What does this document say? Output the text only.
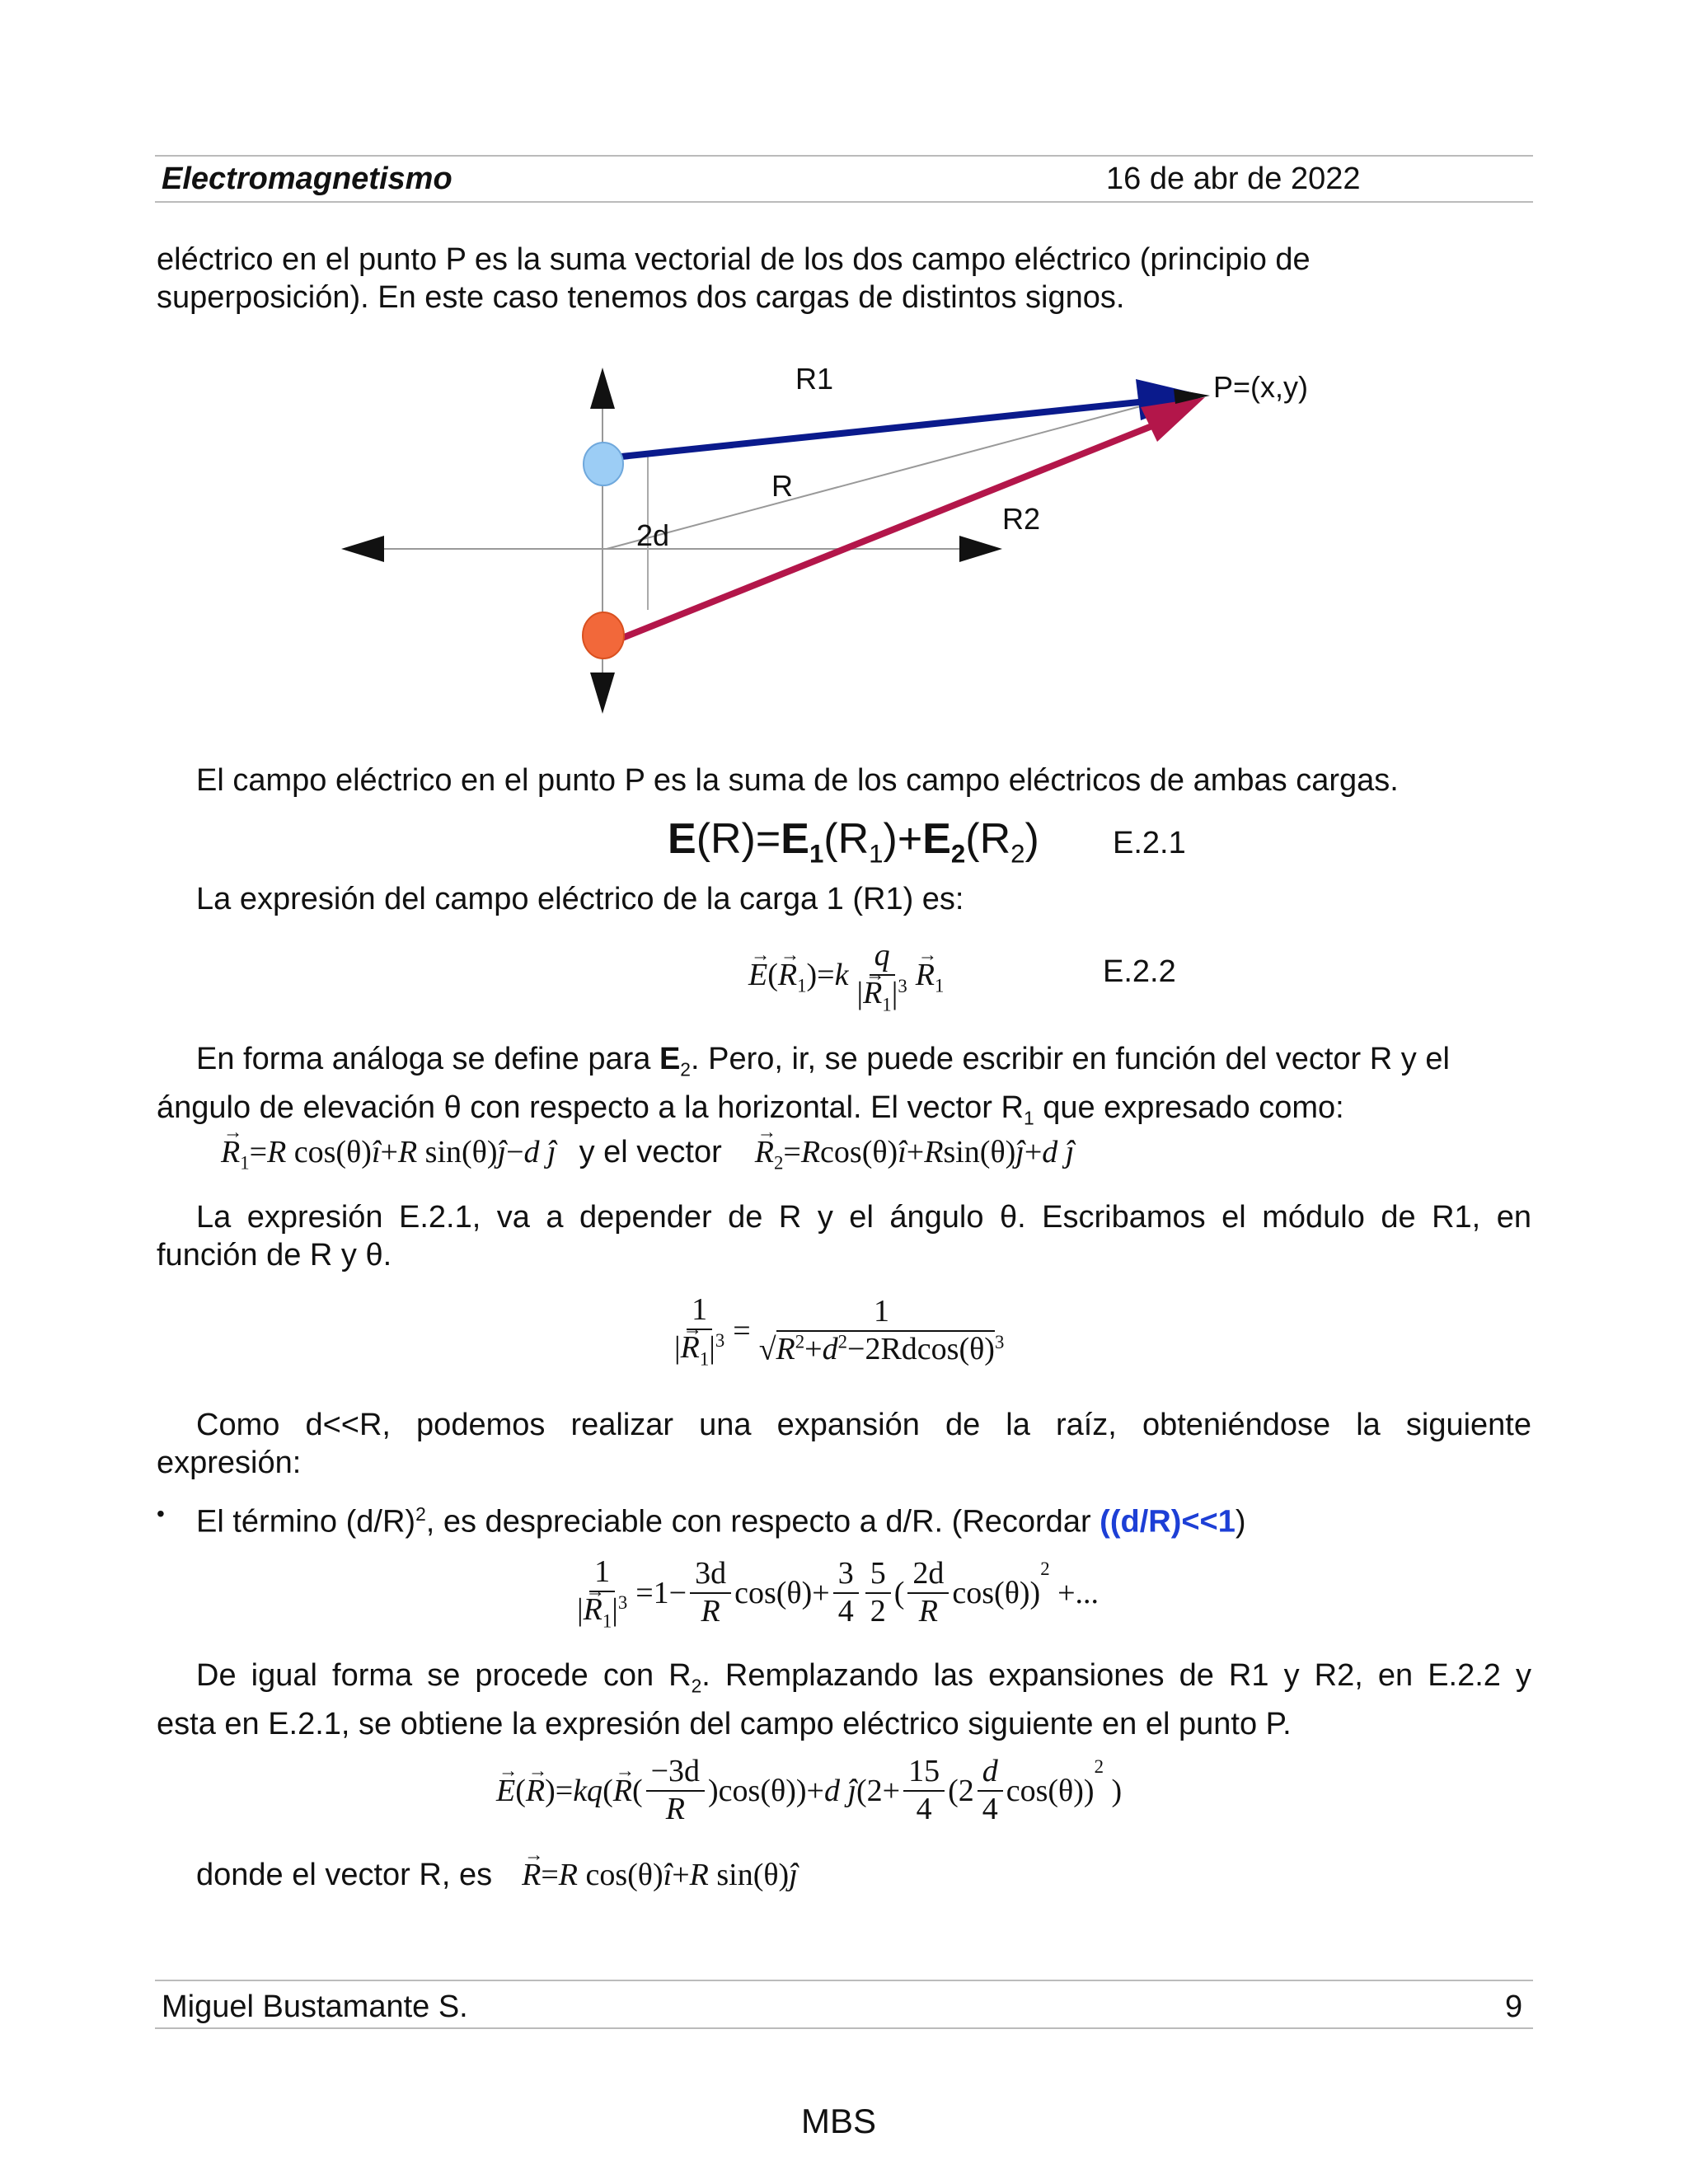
Electromagnetismo	16 de abr de 2022
eléctrico en el punto P es la suma vectorial de los dos campo eléctrico (principio de
superposición). En este caso tenemos dos cargas de distintos signos.
R1	P=(x,y)
R
R2
2d
El campo eléctrico en el punto P es la suma de los campo eléctricos de ambas cargas.
$E(R)=E_1(R_1)+E_2(R_2)$ E.2.1
La expresión del campo eléctrico de la carga 1 (R1) es:
→ $E(\to R_1)=k \frac{q}{|\to R_1|^3}$
→ $R_1$	E.2.2
En forma análoga se define para $E_2$. Pero, ir, se puede escribir en función del vector R y el
ángulo de elevación θ con respecto a la horizontal. El vector $R_1$ que expresado como:
→ $R_1=R$ cos(θ)î+R sin(θ)ĵ−d ĵ y el vector
→ $R_2=Rcos(\theta)î+Rsin(\theta)ĵ+d$ ĵ
La expresión E.2.1, va a depender de R y el ángulo θ. Escribamos el módulo de R1, en
función de R y θ.
$\frac{1}{|\to R_1|^3} = \frac{1}{√R^2+d^2-2Rdcos(\theta)^3}$
Como d<<R, podemos realizar una expansión de la raíz, obteniéndose la siguiente
expresión:
•	El término $(d/R)^2$, es despreciable con respecto a d/R. (Recordar ((d/R)<<1)
$\frac{1}{|\to R_1|^3} =1- \frac{3d}{R} \cos(\theta)+ \frac{3}{4} \frac{5}{2}$ ( $\frac{2d}{R} \cos(\theta))^2$ +...
De igual forma se procede con $R_2$. Remplazando las expansiones de R1 y R2, en E.2.2 y
esta en E.2.1, se obtiene la expresión del campo eléctrico siguiente en el punto P.
→ $E(\to R)=kq(\to R( \frac{-3d}{R} )\cos(\theta))+d$ ĵ(2+ $\frac{15}{4} (2 \frac{d}{4} \cos(\theta))^2$ )
donde el vector R, es
→ R=R cos(θ)î+R sin(θ)ĵ
Miguel Bustamante S.	9
MBS
